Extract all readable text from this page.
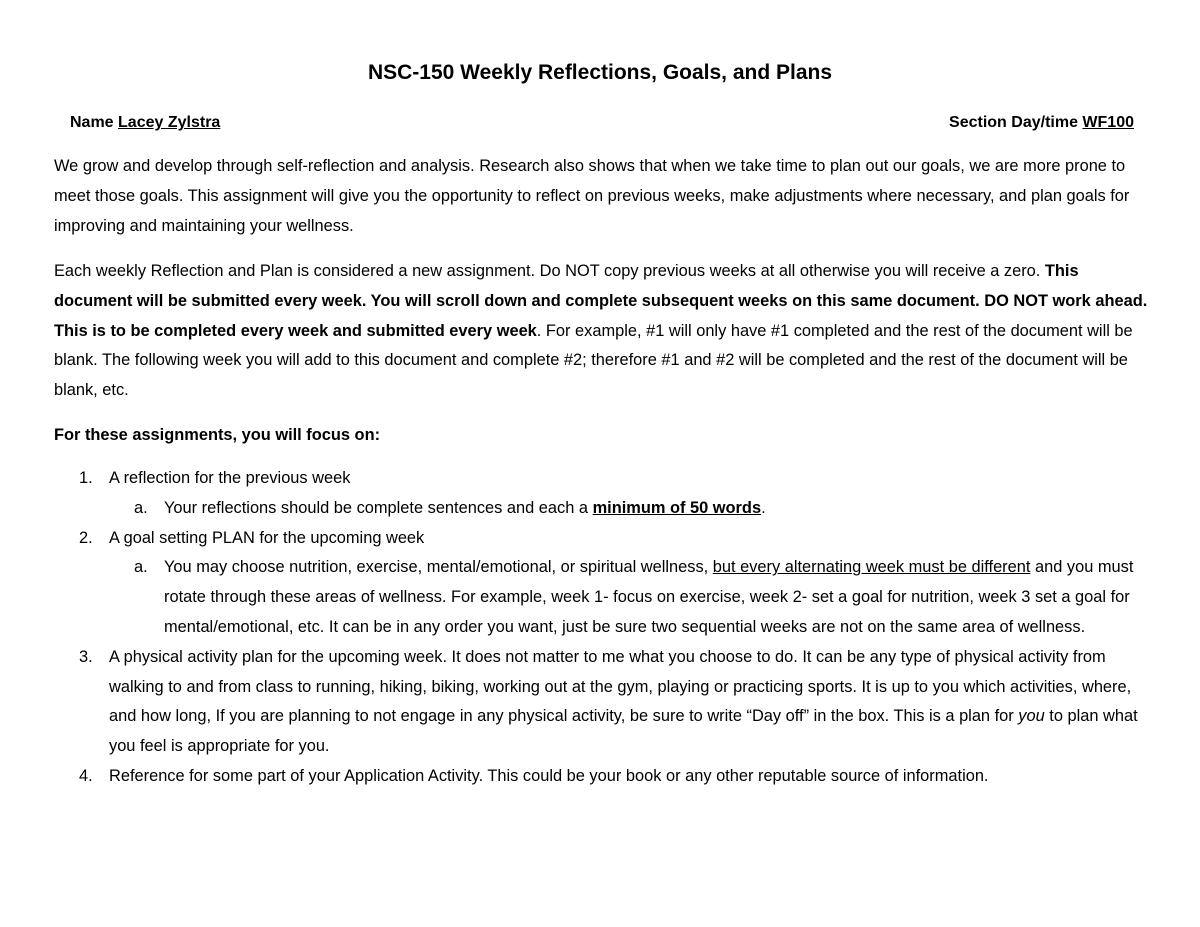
NSC-150 Weekly Reflections, Goals, and Plans
Name Lacey Zylstra	Section Day/time WF100

We grow and develop through self-reflection and analysis. Research also shows that when we take time to plan out our goals, we are more prone to meet those goals. This assignment will give you the opportunity to reflect on previous weeks, make adjustments where necessary, and plan goals for improving and maintaining your wellness.

Each weekly Reflection and Plan is considered a new assignment. Do NOT copy previous weeks at all otherwise you will receive a zero. This document will be submitted every week. You will scroll down and complete subsequent weeks on this same document. DO NOT work ahead. This is to be completed every week and submitted every week. For example, #1 will only have #1 completed and the rest of the document will be blank. The following week you will add to this document and complete #2; therefore #1 and #2 will be completed and the rest of the document will be blank, etc.

For these assignments, you will focus on:

1. A reflection for the previous week
a. Your reflections should be complete sentences and each a minimum of 50 words.
2. A goal setting PLAN for the upcoming week
a. You may choose nutrition, exercise, mental/emotional, or spiritual wellness, but every alternating week must be different and you must rotate through these areas of wellness. For example, week 1- focus on exercise, week 2- set a goal for nutrition, week 3 set a goal for mental/emotional, etc. It can be in any order you want, just be sure two sequential weeks are not on the same area of wellness.
3. A physical activity plan for the upcoming week. It does not matter to me what you choose to do. It can be any type of physical activity from walking to and from class to running, hiking, biking, working out at the gym, playing or practicing sports. It is up to you which activities, where, and how long, If you are planning to not engage in any physical activity, be sure to write “Day off” in the box. This is a plan for you to plan what you feel is appropriate for you.
4. Reference for some part of your Application Activity. This could be your book or any other reputable source of information.
